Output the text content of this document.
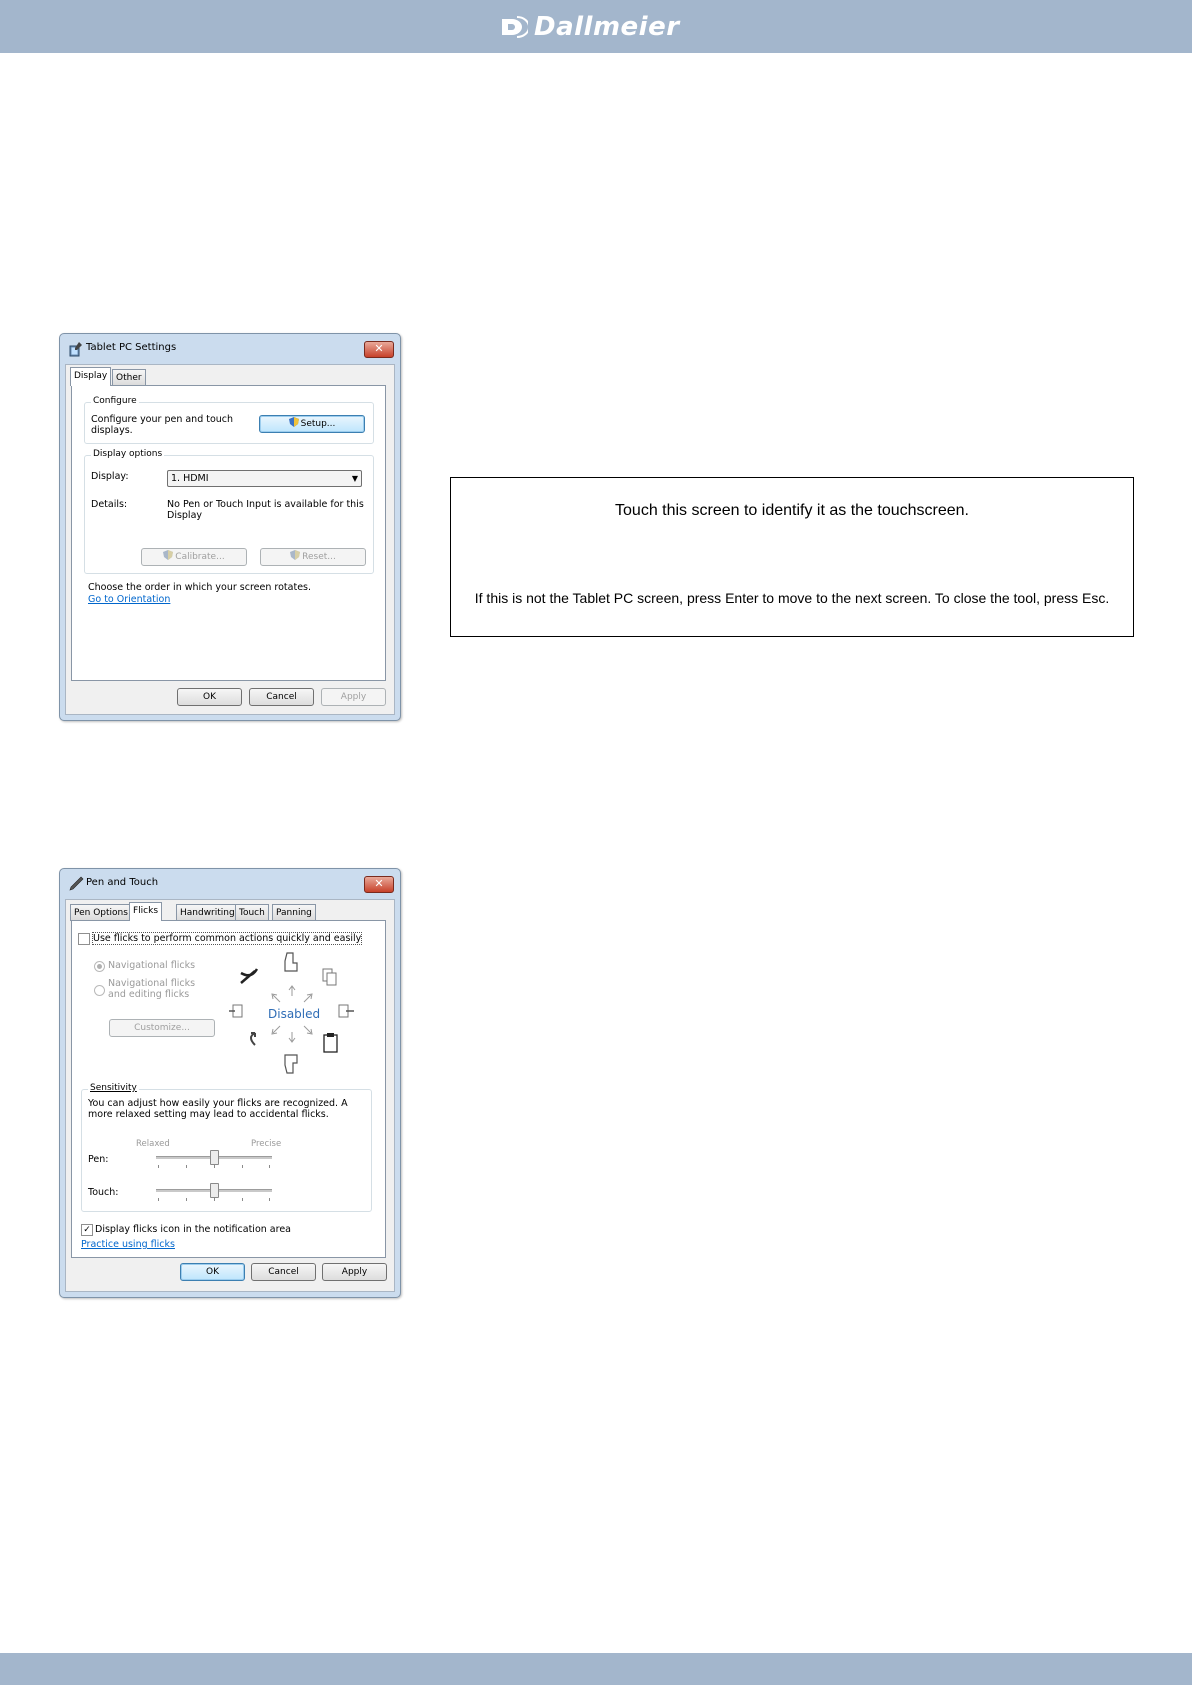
Dallmeier
Tablet PC Settings	✕
Display Other
Configure
Configure your pen and touch displays.
Setup...
Display options
Display:	1. HDMI	▼
Details:	No Pen or Touch Input is available for this Display
Calibrate...	Reset...
Choose the order in which your screen rotates.
Go to Orientation
OK	Cancel	Apply
Touch this screen to identify it as the touchscreen.
If this is not the Tablet PC screen, press Enter to move to the next screen. To close the tool, press Esc.
Pen and Touch	✕
Pen Options Flicks	Handwriting Touch	Panning
Use flicks to perform common actions quickly and easily
Navigational flicks
Navigational flicks and editing flicks
Customize...
Disabled
Sensitivity
You can adjust how easily your flicks are recognized. A more relaxed setting may lead to accidental flicks.
Relaxed	Precise
Pen:
Touch:
✓ Display flicks icon in the notification area
Practice using flicks
OK	Cancel	Apply
